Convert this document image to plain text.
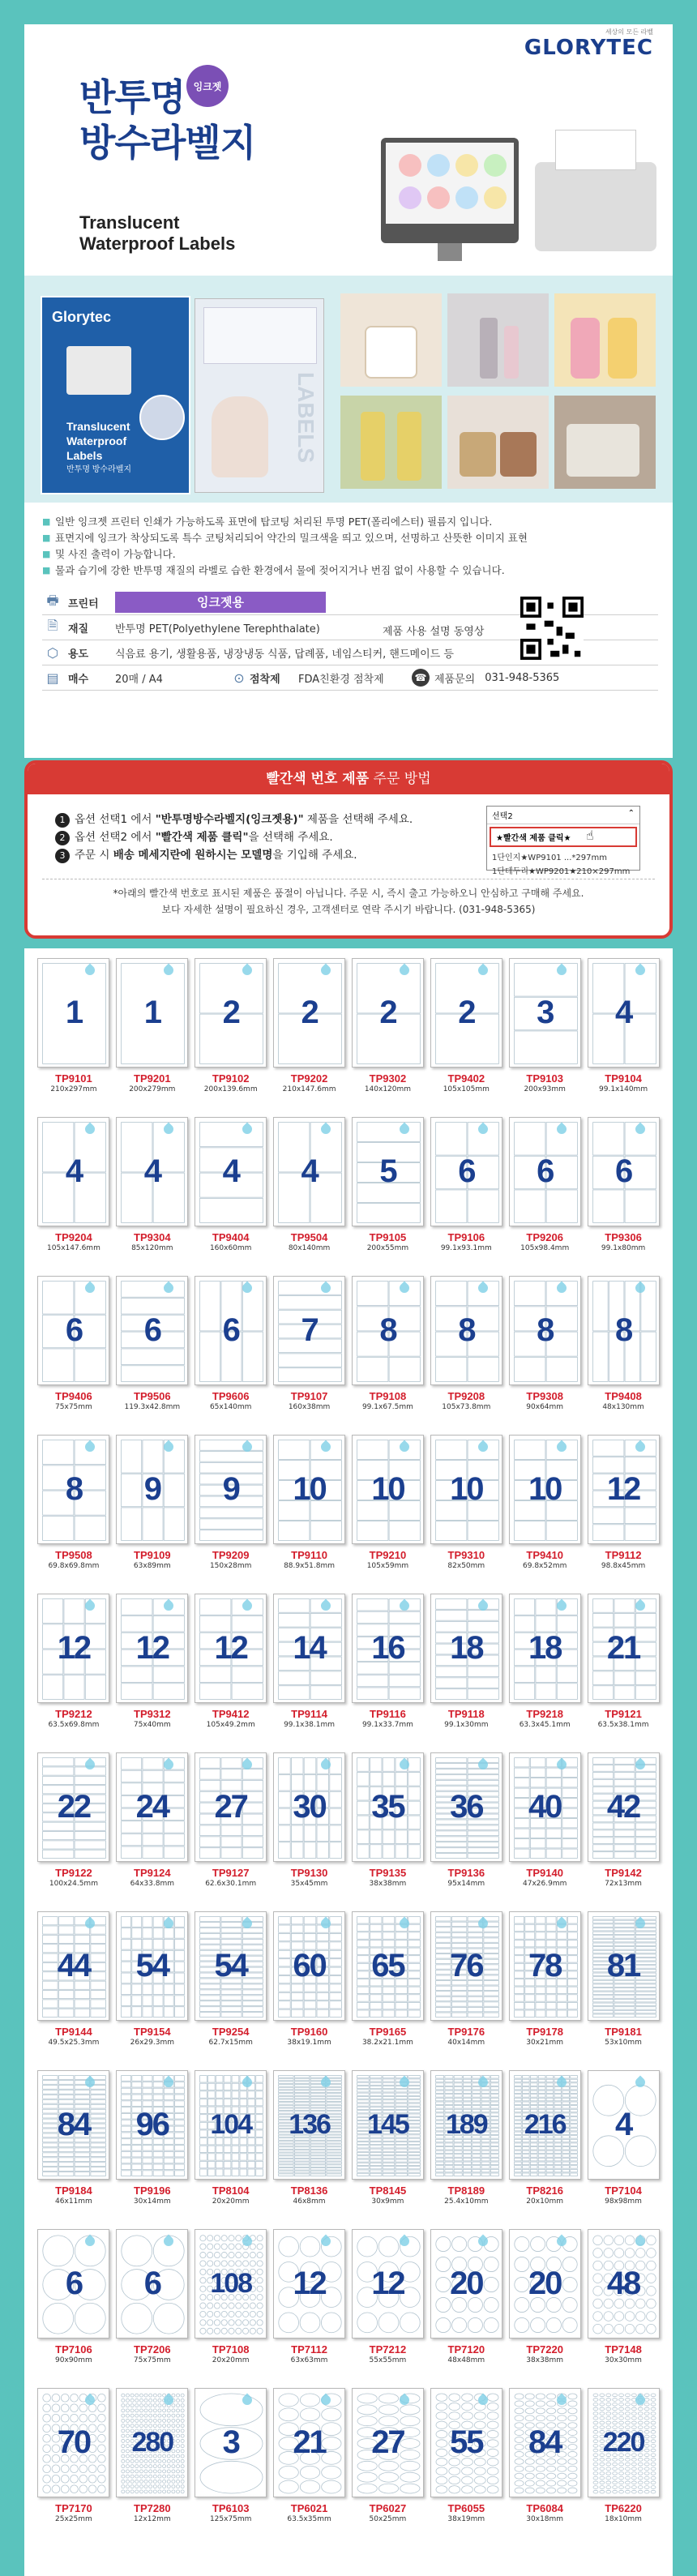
세상의 모든 라벨
GLORYTEC
잉크젯
반투명
방수라벨지
Translucent
Waterproof Labels
Glorytec
Translucent
Waterproof
Labels
반투명 방수라벨지
LABELS
■ 일반 잉크젯 프린터 인쇄가 가능하도록 표면에 탑코팅 처리된 투명 PET(폴리에스터) 필름지 입니다.
■ 표면지에 잉크가 착상되도록 특수 코팅처리되어 약간의 밀크색을 띄고 있으며, 선명하고 산뜻한 이미지 표현
■ 및 사진 출력이 가능합니다.
■ 물과 습기에 강한 반투명 재질의 라벨로 습한 환경에서 물에 젖어지거나 번짐 없이 사용할 수 있습니다.
🖶 프린터	잉크젯용
🗎 재질	반투명 PET(Polyethylene Terephthalate)
⬡ 용도	식음료 용기, 생활용품, 냉장냉동 식품, 답례품, 네임스티커, 핸드메이드 등
▤ 매수	20매 / A4	⊙ 점착제	FDA친환경 점착제	☎ 제품문의 031-948-5365
제품 사용 설명 동영상
빨간색 번호 제품 주문 방법
1 옵션 선택1 에서 "반투명방수라벨지(잉크젯용)" 제품을 선택해 주세요.
2 옵션 선택2 에서 "빨간색 제품 클릭"을 선택해 주세요.
3 주문 시 배송 메세지란에 원하시는 모델명을 기입해 주세요.
선택2	⌃
★빨간색 제품 클릭★
1단인지★WP9101 ...*297mm
1단테두리★WP9201★210×297mm
☝
*아래의 빨간색 번호로 표시된 제품은 품절이 아닙니다. 주문 시, 즉시 출고 가능하오니 안심하고 구매해 주세요.
보다 자세한 설명이 필요하신 경우, 고객센터로 연락 주시기 바랍니다. (031-948-5365)
1
TP9101
210x297mm
1
TP9201
200x279mm
2
TP9102
200x139.6mm
2
TP9202
210x147.6mm
2
TP9302
140x120mm
2
TP9402
105x105mm
3
TP9103
200x93mm
4
TP9104
99.1x140mm
4
TP9204
105x147.6mm
4
TP9304
85x120mm
4
TP9404
160x60mm
4
TP9504
80x140mm
5
TP9105
200x55mm
6
TP9106
99.1x93.1mm
6
TP9206
105x98.4mm
6
TP9306
99.1x80mm
6
TP9406
75x75mm
6
TP9506
119.3x42.8mm
6
TP9606
65x140mm
7
TP9107
160x38mm
8
TP9108
99.1x67.5mm
8
TP9208
105x73.8mm
8
TP9308
90x64mm
8
TP9408
48x130mm
8
TP9508
69.8x69.8mm
9
TP9109
63x89mm
9
TP9209
150x28mm
10
TP9110
88.9x51.8mm
10
TP9210
105x59mm
10
TP9310
82x50mm
10
TP9410
69.8x52mm
12
TP9112
98.8x45mm
12
TP9212
63.5x69.8mm
12
TP9312
75x40mm
12
TP9412
105x49.2mm
14
TP9114
99.1x38.1mm
16
TP9116
99.1x33.7mm
18
TP9118
99.1x30mm
18
TP9218
63.3x45.1mm
21
TP9121
63.5x38.1mm
22
TP9122
100x24.5mm
24
TP9124
64x33.8mm
27
TP9127
62.6x30.1mm
30
TP9130
35x45mm
35
TP9135
38x38mm
36
TP9136
95x14mm
40
TP9140
47x26.9mm
42
TP9142
72x13mm
44
TP9144
49.5x25.3mm
54
TP9154
26x29.3mm
54
TP9254
62.7x15mm
60
TP9160
38x19.1mm
65
TP9165
38.2x21.1mm
76
TP9176
40x14mm
78
TP9178
30x21mm
81
TP9181
53x10mm
84
TP9184
46x11mm
96
TP9196
30x14mm
104
TP8104
20x20mm
136
TP8136
46x8mm
145
TP8145
30x9mm
189
TP8189
25.4x10mm
216
TP8216
20x10mm
4
TP7104
98x98mm
6
TP7106
90x90mm
6
TP7206
75x75mm
108
TP7108
20x20mm
12
TP7112
63x63mm
12
TP7212
55x55mm
20
TP7120
48x48mm
20
TP7220
38x38mm
48
TP7148
30x30mm
70
TP7170
25x25mm
280
TP7280
12x12mm
3
TP6103
125x75mm
21
TP6021
63.5x35mm
27
TP6027
50x25mm
55
TP6055
38x19mm
84
TP6084
30x18mm
220
TP6220
18x10mm
